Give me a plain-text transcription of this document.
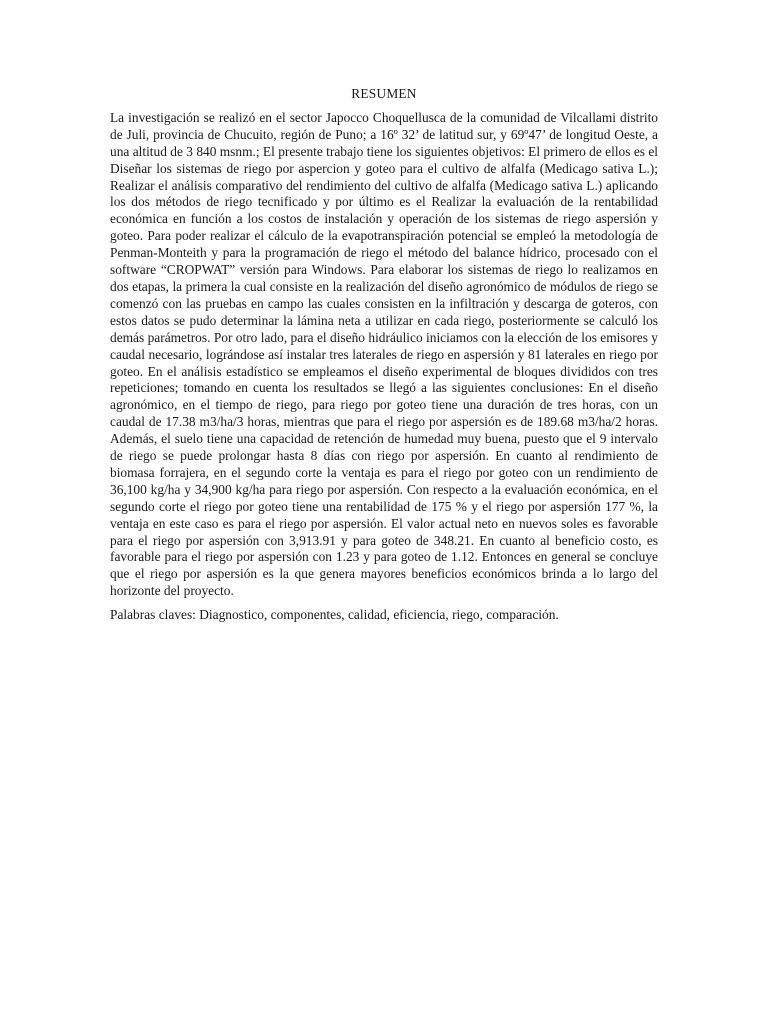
RESUMEN

La investigación se realizó en el sector Japocco Choquellusca de la comunidad de Vilcallami distrito de Juli, provincia de Chucuito, región de Puno; a 16º 32’ de latitud sur, y 69º47’ de longitud Oeste, a una altitud de 3 840 msnm.; El presente trabajo tiene los siguientes objetivos: El primero de ellos es el Diseñar los sistemas de riego por aspercion y goteo para el cultivo de alfalfa (Medicago sativa L.); Realizar el análisis comparativo del rendimiento del cultivo de alfalfa (Medicago sativa L.) aplicando los dos métodos de riego tecnificado y por último es el Realizar la evaluación de la rentabilidad económica en función a los costos de instalación y operación de los sistemas de riego aspersión y goteo. Para poder realizar el cálculo de la evapotranspiración potencial se empleó la metodología de Penman-Monteith y para la programación de riego el método del balance hídrico, procesado con el software “CROPWAT” versión para Windows. Para elaborar los sistemas de riego lo realizamos en dos etapas, la primera la cual consiste en la realización del diseño agronómico de módulos de riego se comenzó con las pruebas en campo las cuales consisten en la infiltración y descarga de goteros, con estos datos se pudo determinar la lámina neta a utilizar en cada riego, posteriormente se calculó los demás parámetros. Por otro lado, para el diseño hidráulico iniciamos con la elección de los emisores y caudal necesario, lográndose así instalar tres laterales de riego en aspersión y 81 laterales en riego por goteo. En el análisis estadístico se empleamos el diseño experimental de bloques divididos con tres repeticiones; tomando en cuenta los resultados se llegó a las siguientes conclusiones: En el diseño agronómico, en el tiempo de riego, para riego por goteo tiene una duración de tres horas, con un caudal de 17.38 m3/ha/3 horas, mientras que para el riego por aspersión es de 189.68 m3/ha/2 horas. Además, el suelo tiene una capacidad de retención de humedad muy buena, puesto que el 9 intervalo de riego se puede prolongar hasta 8 días con riego por aspersión. En cuanto al rendimiento de biomasa forrajera, en el segundo corte la ventaja es para el riego por goteo con un rendimiento de 36,100 kg/ha y 34,900 kg/ha para riego por aspersión. Con respecto a la evaluación económica, en el segundo corte el riego por goteo tiene una rentabilidad de 175 % y el riego por aspersión 177 %, la ventaja en este caso es para el riego por aspersión. El valor actual neto en nuevos soles es favorable para el riego por aspersión con 3,913.91 y para goteo de 348.21. En cuanto al beneficio costo, es favorable para el riego por aspersión con 1.23 y para goteo de 1.12. Entonces en general se concluye que el riego por aspersión es la que genera mayores beneficios económicos brinda a lo largo del horizonte del proyecto.

Palabras claves: Diagnostico, componentes, calidad, eficiencia, riego, comparación.
